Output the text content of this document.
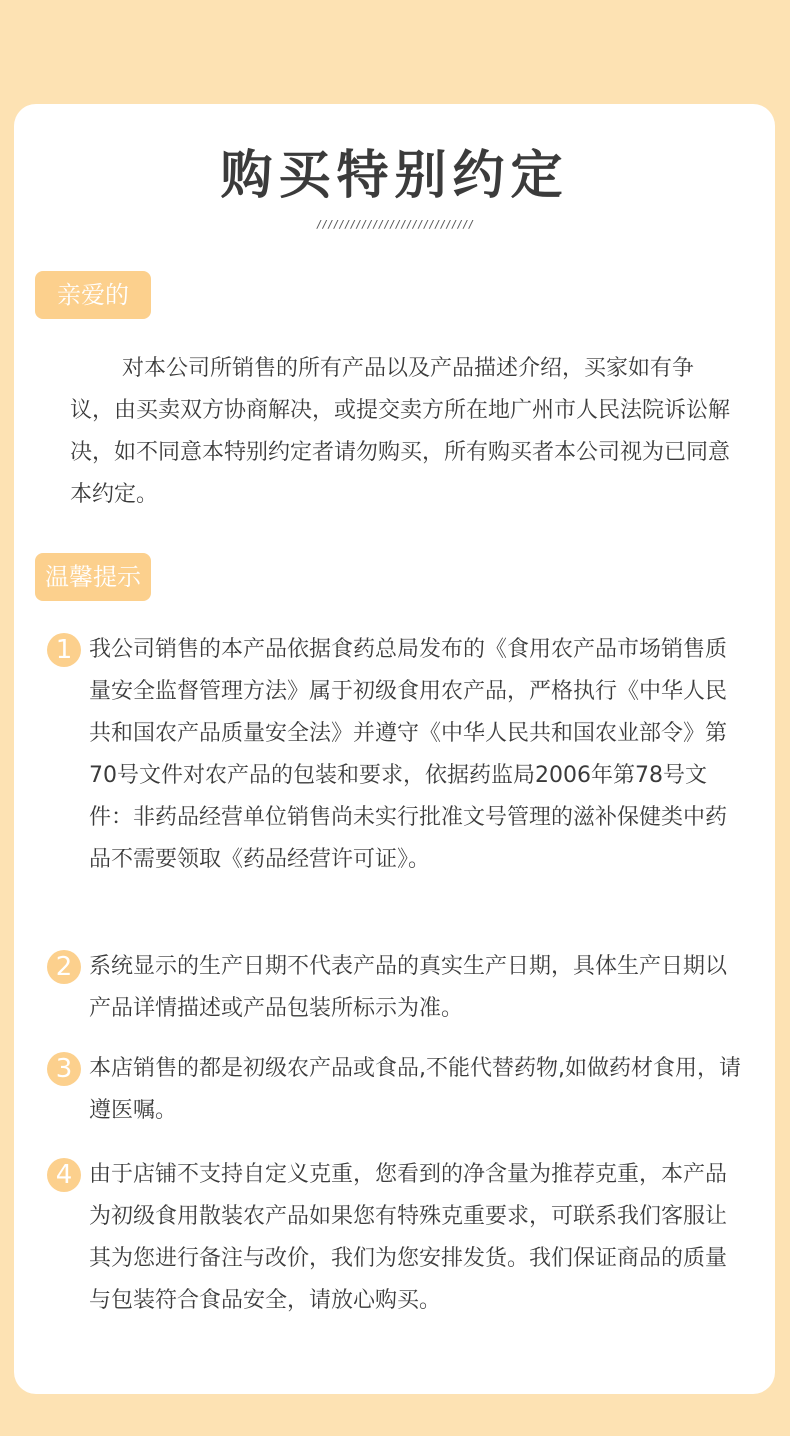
购买特别约定
////////////////////////////
亲爱的

对本公司所销售的所有产品以及产品描述介绍，买家如有争议，由买卖双方协商解决，或提交卖方所在地广州市人民法院诉讼解决，如不同意本特别约定者请勿购买，所有购买者本公司视为已同意本约定。

温馨提示
1 我公司销售的本产品依据食药总局发布的《食用农产品市场销售质量安全监督管理方法》属于初级食用农产品，严格执行《中华人民共和国农产品质量安全法》并遵守《中华人民共和国农业部令》第70号文件对农产品的包装和要求，依据药监局2006年第78号文件：非药品经营单位销售尚未实行批准文号管理的滋补保健类中药品不需要领取《药品经营许可证》。

2 系统显示的生产日期不代表产品的真实生产日期，具体生产日期以产品详情描述或产品包装所标示为准。

3 本店销售的都是初级农产品或食品,不能代替药物,如做药材食用，请遵医嘱。

4 由于店铺不支持自定义克重，您看到的净含量为推荐克重，本产品为初级食用散装农产品如果您有特殊克重要求，可联系我们客服让其为您进行备注与改价，我们为您安排发货。我们保证商品的质量与包装符合食品安全，请放心购买。
